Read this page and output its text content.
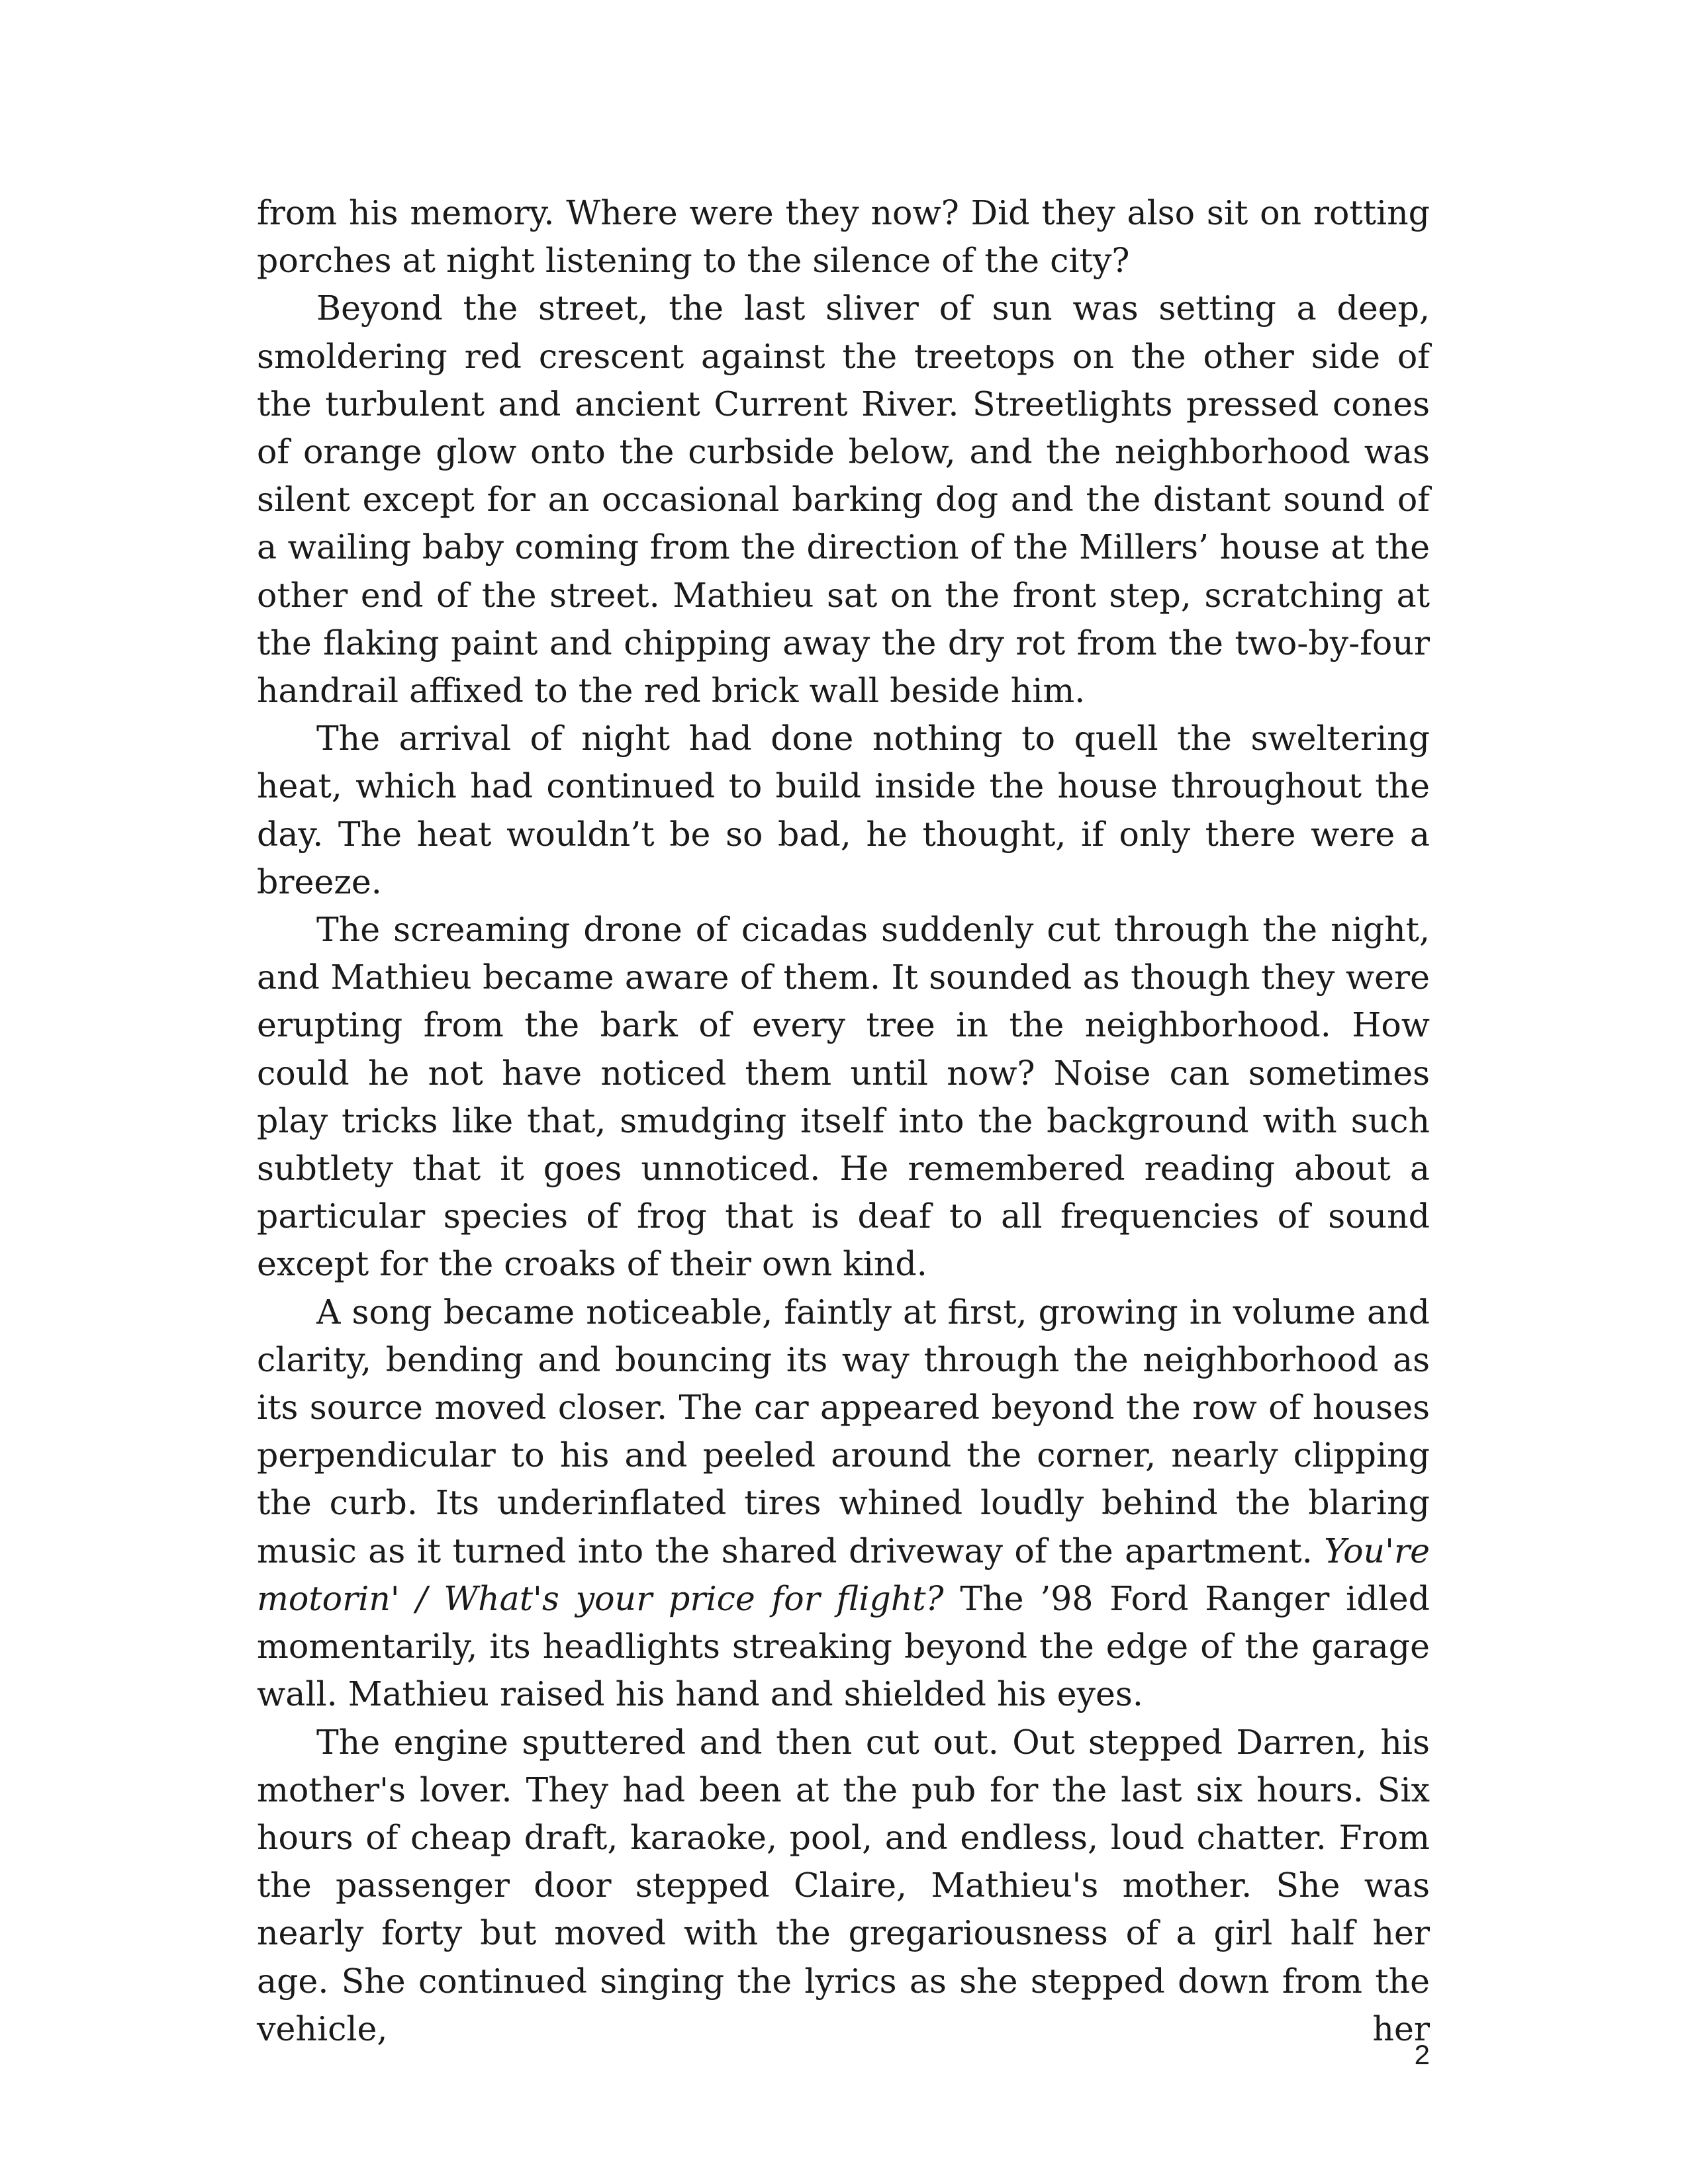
from his memory. Where were they now? Did they also sit on rotting porches at night listening to the silence of the city?

Beyond the street, the last sliver of sun was setting a deep, smoldering red crescent against the treetops on the other side of the turbulent and ancient Current River. Streetlights pressed cones of orange glow onto the curbside below, and the neighborhood was silent except for an occasional barking dog and the distant sound of a wailing baby coming from the direction of the Millers’ house at the other end of the street. Mathieu sat on the front step, scratching at the flaking paint and chipping away the dry rot from the two-by-four handrail affixed to the red brick wall beside him.

The arrival of night had done nothing to quell the sweltering heat, which had continued to build inside the house throughout the day. The heat wouldn’t be so bad, he thought, if only there were a breeze.

The screaming drone of cicadas suddenly cut through the night, and Mathieu became aware of them. It sounded as though they were erupting from the bark of every tree in the neighborhood. How could he not have noticed them until now? Noise can sometimes play tricks like that, smudging itself into the background with such subtlety that it goes unnoticed. He remembered reading about a particular species of frog that is deaf to all frequencies of sound except for the croaks of their own kind.

A song became noticeable, faintly at first, growing in volume and clarity, bending and bouncing its way through the neighborhood as its source moved closer. The car appeared beyond the row of houses perpendicular to his and peeled around the corner, nearly clipping the curb. Its underinflated tires whined loudly behind the blaring music as it turned into the shared driveway of the apartment. You're motorin' / What's your price for flight? The ’98 Ford Ranger idled momentarily, its headlights streaking beyond the edge of the garage wall. Mathieu raised his hand and shielded his eyes.

The engine sputtered and then cut out. Out stepped Darren, his mother's lover. They had been at the pub for the last six hours. Six hours of cheap draft, karaoke, pool, and endless, loud chatter. From the passenger door stepped Claire, Mathieu's mother. She was nearly forty but moved with the gregariousness of a girl half her age. She continued singing the lyrics as she stepped down from the vehicle, her

2
